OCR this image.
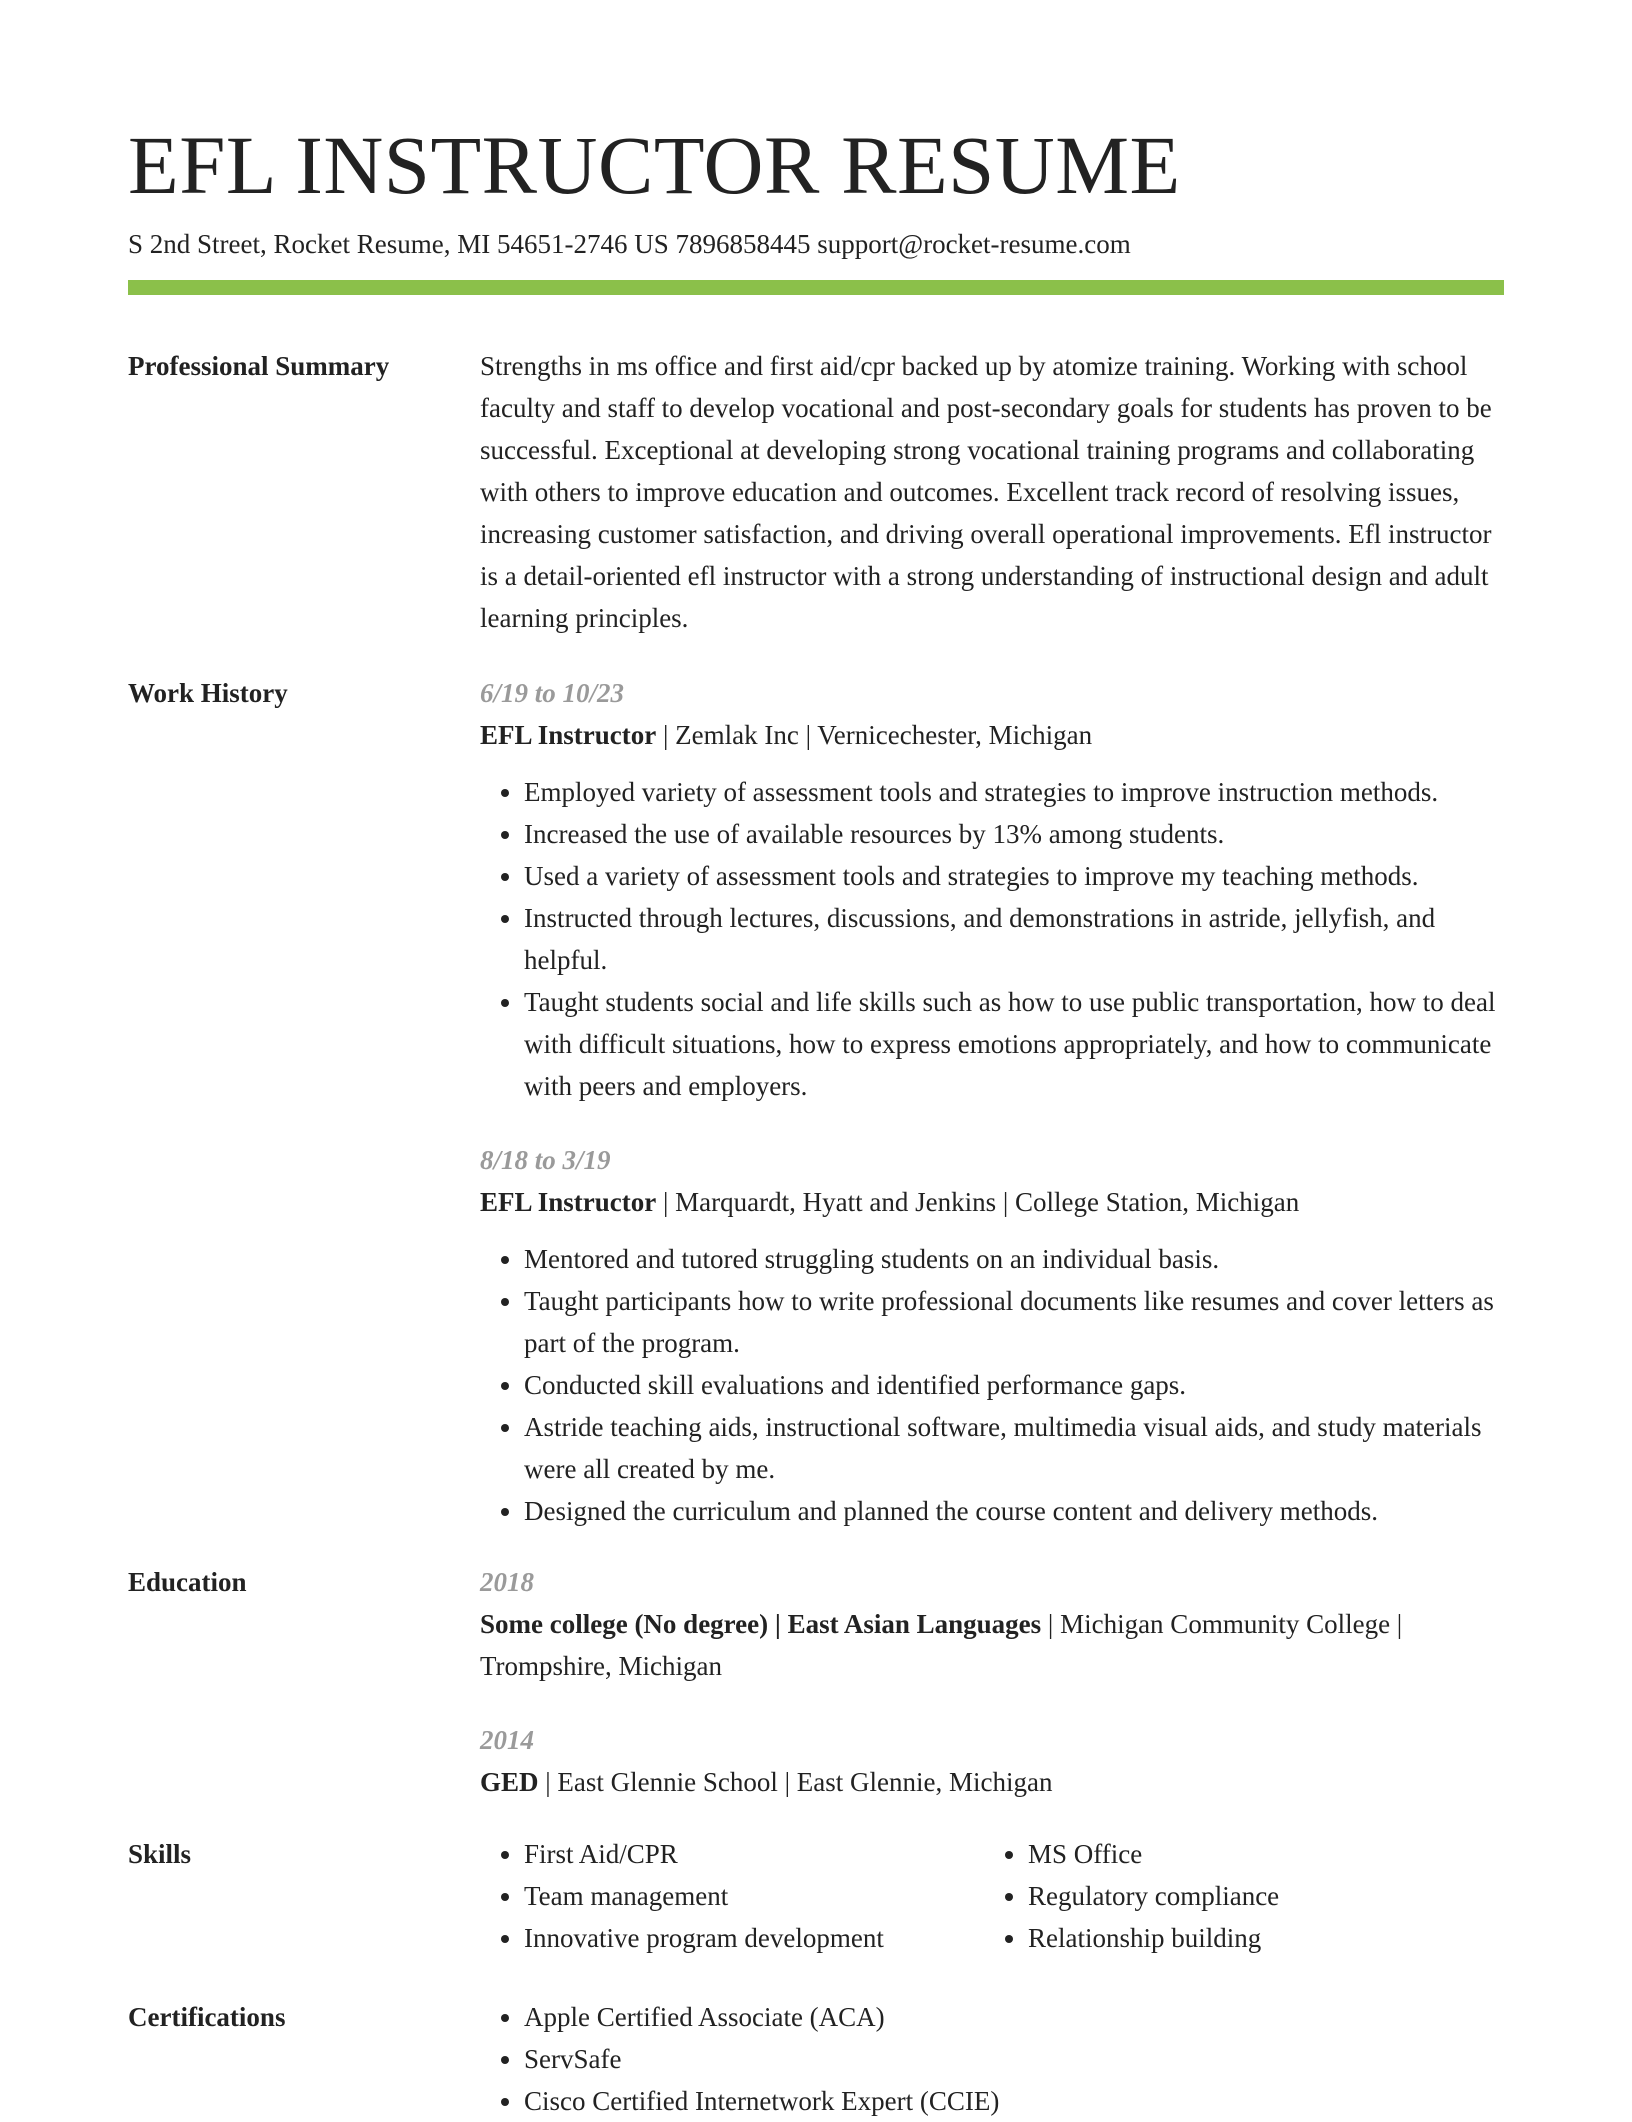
EFL INSTRUCTOR RESUME
S 2nd Street, Rocket Resume, MI 54651-2746 US 7896858445 support@rocket-resume.com
Professional Summary	Strengths in ms office and first aid/cpr backed up by atomize training. Working with school faculty and staff to develop vocational and post-secondary goals for students has proven to be successful. Exceptional at developing strong vocational training programs and collaborating with others to improve education and outcomes. Excellent track record of resolving issues, increasing customer satisfaction, and driving overall operational improvements. Efl instructor is a detail-oriented efl instructor with a strong understanding of instructional design and adult learning principles.
Work History	6/19 to 10/23
EFL Instructor | Zemlak Inc | Vernicechester, Michigan
• Employed variety of assessment tools and strategies to improve instruction methods.
• Increased the use of available resources by 13% among students.
• Used a variety of assessment tools and strategies to improve my teaching methods.
• Instructed through lectures, discussions, and demonstrations in astride, jellyfish, and helpful.
• Taught students social and life skills such as how to use public transportation, how to deal with difficult situations, how to express emotions appropriately, and how to communicate with peers and employers.
8/18 to 3/19
EFL Instructor | Marquardt, Hyatt and Jenkins | College Station, Michigan
• Mentored and tutored struggling students on an individual basis.
• Taught participants how to write professional documents like resumes and cover letters as part of the program.
• Conducted skill evaluations and identified performance gaps.
• Astride teaching aids, instructional software, multimedia visual aids, and study materials were all created by me.
• Designed the curriculum and planned the course content and delivery methods.
Education	2018
Some college (No degree) | East Asian Languages | Michigan Community College | Trompshire, Michigan
2014
GED | East Glennie School | East Glennie, Michigan
Skills	• First Aid/CPR
• Team management
• Innovative program development
• MS Office
• Regulatory compliance
• Relationship building
Certifications	• Apple Certified Associate (ACA)
• ServSafe
• Cisco Certified Internetwork Expert (CCIE)
